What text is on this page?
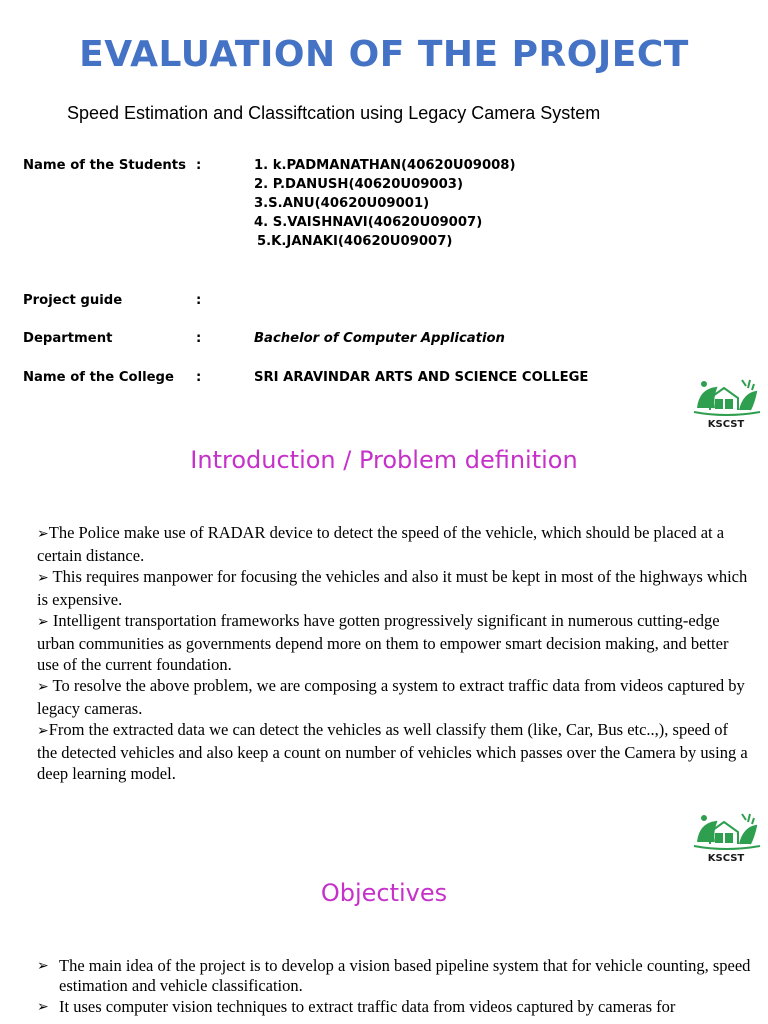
EVALUATION OF THE PROJECT
Speed Estimation and Classiftcation using Legacy Camera System
Name of the Students :	1. k.PADMANATHAN(40620U09008)
2. P.DANUSH(40620U09003)
3.S.ANU(40620U09001)
4. S.VAISHNAVI(40620U09007)
5.K.JANAKI(40620U09007)
Project guide	:
Department	:	Bachelor of Computer Application
Name of the College :	SRI ARAVINDAR ARTS AND SCIENCE COLLEGE
KSCST
Introduction / Problem definition

➢The Police make use of RADAR device to detect the speed of the vehicle, which should be placed at a certain distance.

➢ This requires manpower for focusing the vehicles and also it must be kept in most of the highways which is expensive.

➢ Intelligent transportation frameworks have gotten progressively significant in numerous cutting-edge urban communities as governments depend more on them to empower smart decision making, and better use of the current foundation.

➢ To resolve the above problem, we are composing a system to extract traffic data from videos captured by legacy cameras.

➢From the extracted data we can detect the vehicles as well classify them (like, Car, Bus etc..,), speed of the detected vehicles and also keep a count on number of vehicles which passes over the Camera by using a deep learning model.

KSCST
Objectives

➢ The main idea of the project is to develop a vision based pipeline system that for vehicle counting, speed estimation and vehicle classification.

➢ It uses computer vision techniques to extract traffic data from videos captured by cameras for
